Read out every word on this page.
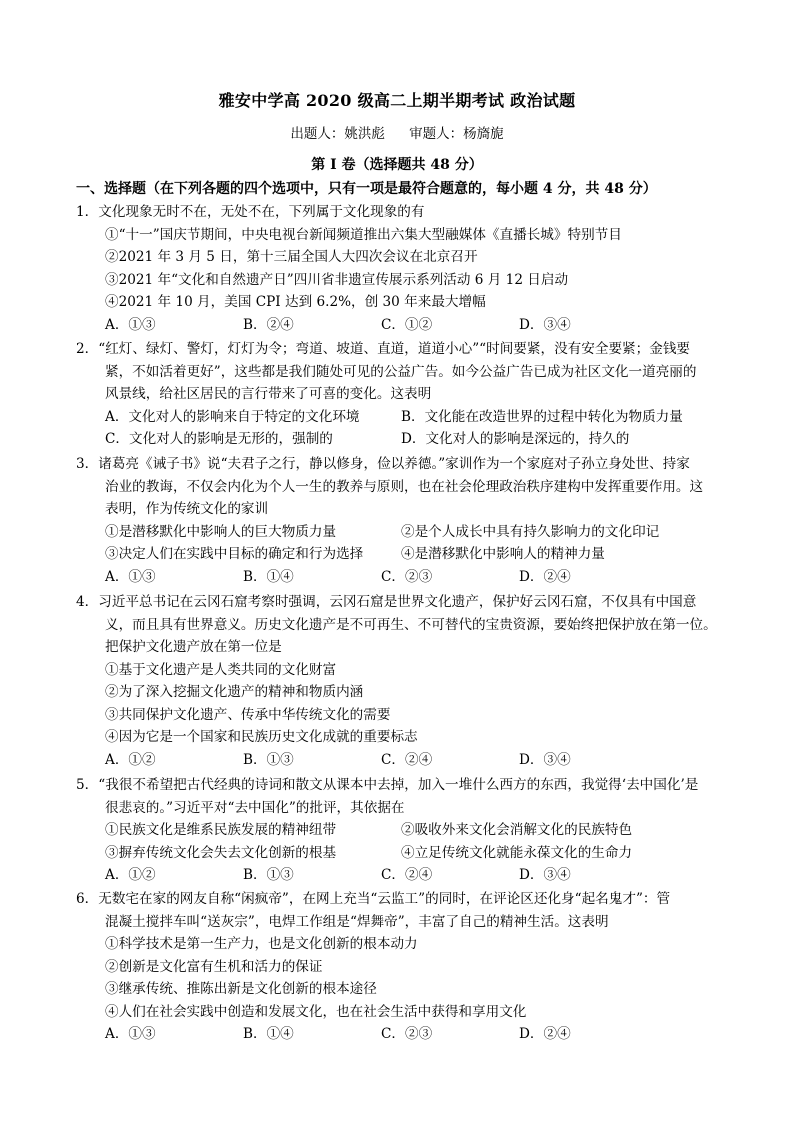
雅安中学高 2020 级高二上期半期考试 政治试题
出题人：姚洪彪 审题人：杨旖旎
第 I 卷（选择题共 48 分）
一、选择题（在下列各题的四个选项中，只有一项是最符合题意的，每小题 4 分，共 48 分）

1．文化现象无时不在，无处不在，下列属于文化现象的有

①“十一”国庆节期间，中央电视台新闻频道推出六集大型融媒体《直播长城》特别节目

②2021 年 3 月 5 日，第十三届全国人大四次会议在北京召开

③2021 年“文化和自然遗产日”四川省非遗宣传展示系列活动 6 月 12 日启动

④2021 年 10 月，美国 CPI 达到 6.2%，创 30 年来最大增幅

A．①③	B．②④	C．①②	D．③④

2．“红灯、绿灯、警灯，灯灯为令；弯道、坡道、直道，道道小心”“时间要紧，没有安全要紧；金钱要

紧，不如活着更好”，这些都是我们随处可见的公益广告。如今公益广告已成为社区文化一道亮丽的

风景线，给社区居民的言行带来了可喜的变化。这表明

A．文化对人的影响来自于特定的文化环境	B．文化能在改造世界的过程中转化为物质力量

C．文化对人的影响是无形的，强制的	D．文化对人的影响是深远的，持久的

3．诸葛亮《诫子书》说“夫君子之行，静以修身，俭以养德。”家训作为一个家庭对子孙立身处世、持家

治业的教诲，不仅会内化为个人一生的教养与原则，也在社会伦理政治秩序建构中发挥重要作用。这

表明，作为传统文化的家训

①是潜移默化中影响人的巨大物质力量	②是个人成长中具有持久影响力的文化印记

③决定人们在实践中目标的确定和行为选择	④是潜移默化中影响人的精神力量

A．①③	B．①④	C．②③	D．②④

4．习近平总书记在云冈石窟考察时强调，云冈石窟是世界文化遗产，保护好云冈石窟，不仅具有中国意

义，而且具有世界意义。历史文化遗产是不可再生、不可替代的宝贵资源，要始终把保护放在第一位。

把保护文化遗产放在第一位是

①基于文化遗产是人类共同的文化财富

②为了深入挖掘文化遗产的精神和物质内涵

③共同保护文化遗产、传承中华传统文化的需要

④因为它是一个国家和民族历史文化成就的重要标志

A．①②	B．①③	C．②④	D．③④

5．“我很不希望把古代经典的诗词和散文从课本中去掉，加入一堆什么西方的东西，我觉得‘去中国化’是

很悲哀的。”习近平对“去中国化”的批评，其依据在

①民族文化是维系民族发展的精神纽带	②吸收外来文化会消解文化的民族特色

③摒弃传统文化会失去文化创新的根基	④立足传统文化就能永葆文化的生命力

A．①②	B．①③	C．②④	D．③④

6．无数宅在家的网友自称“闲疯帝”，在网上充当“云监工”的同时，在评论区还化身“起名鬼才”：管

混凝土搅拌车叫“送灰宗”，电焊工作组是“焊舞帝”，丰富了自己的精神生活。这表明

①科学技术是第一生产力，也是文化创新的根本动力

②创新是文化富有生机和活力的保证

③继承传统、推陈出新是文化创新的根本途径

④人们在社会实践中创造和发展文化，也在社会生活中获得和享用文化

A．①③	B．①④	C．②③	D．②④
